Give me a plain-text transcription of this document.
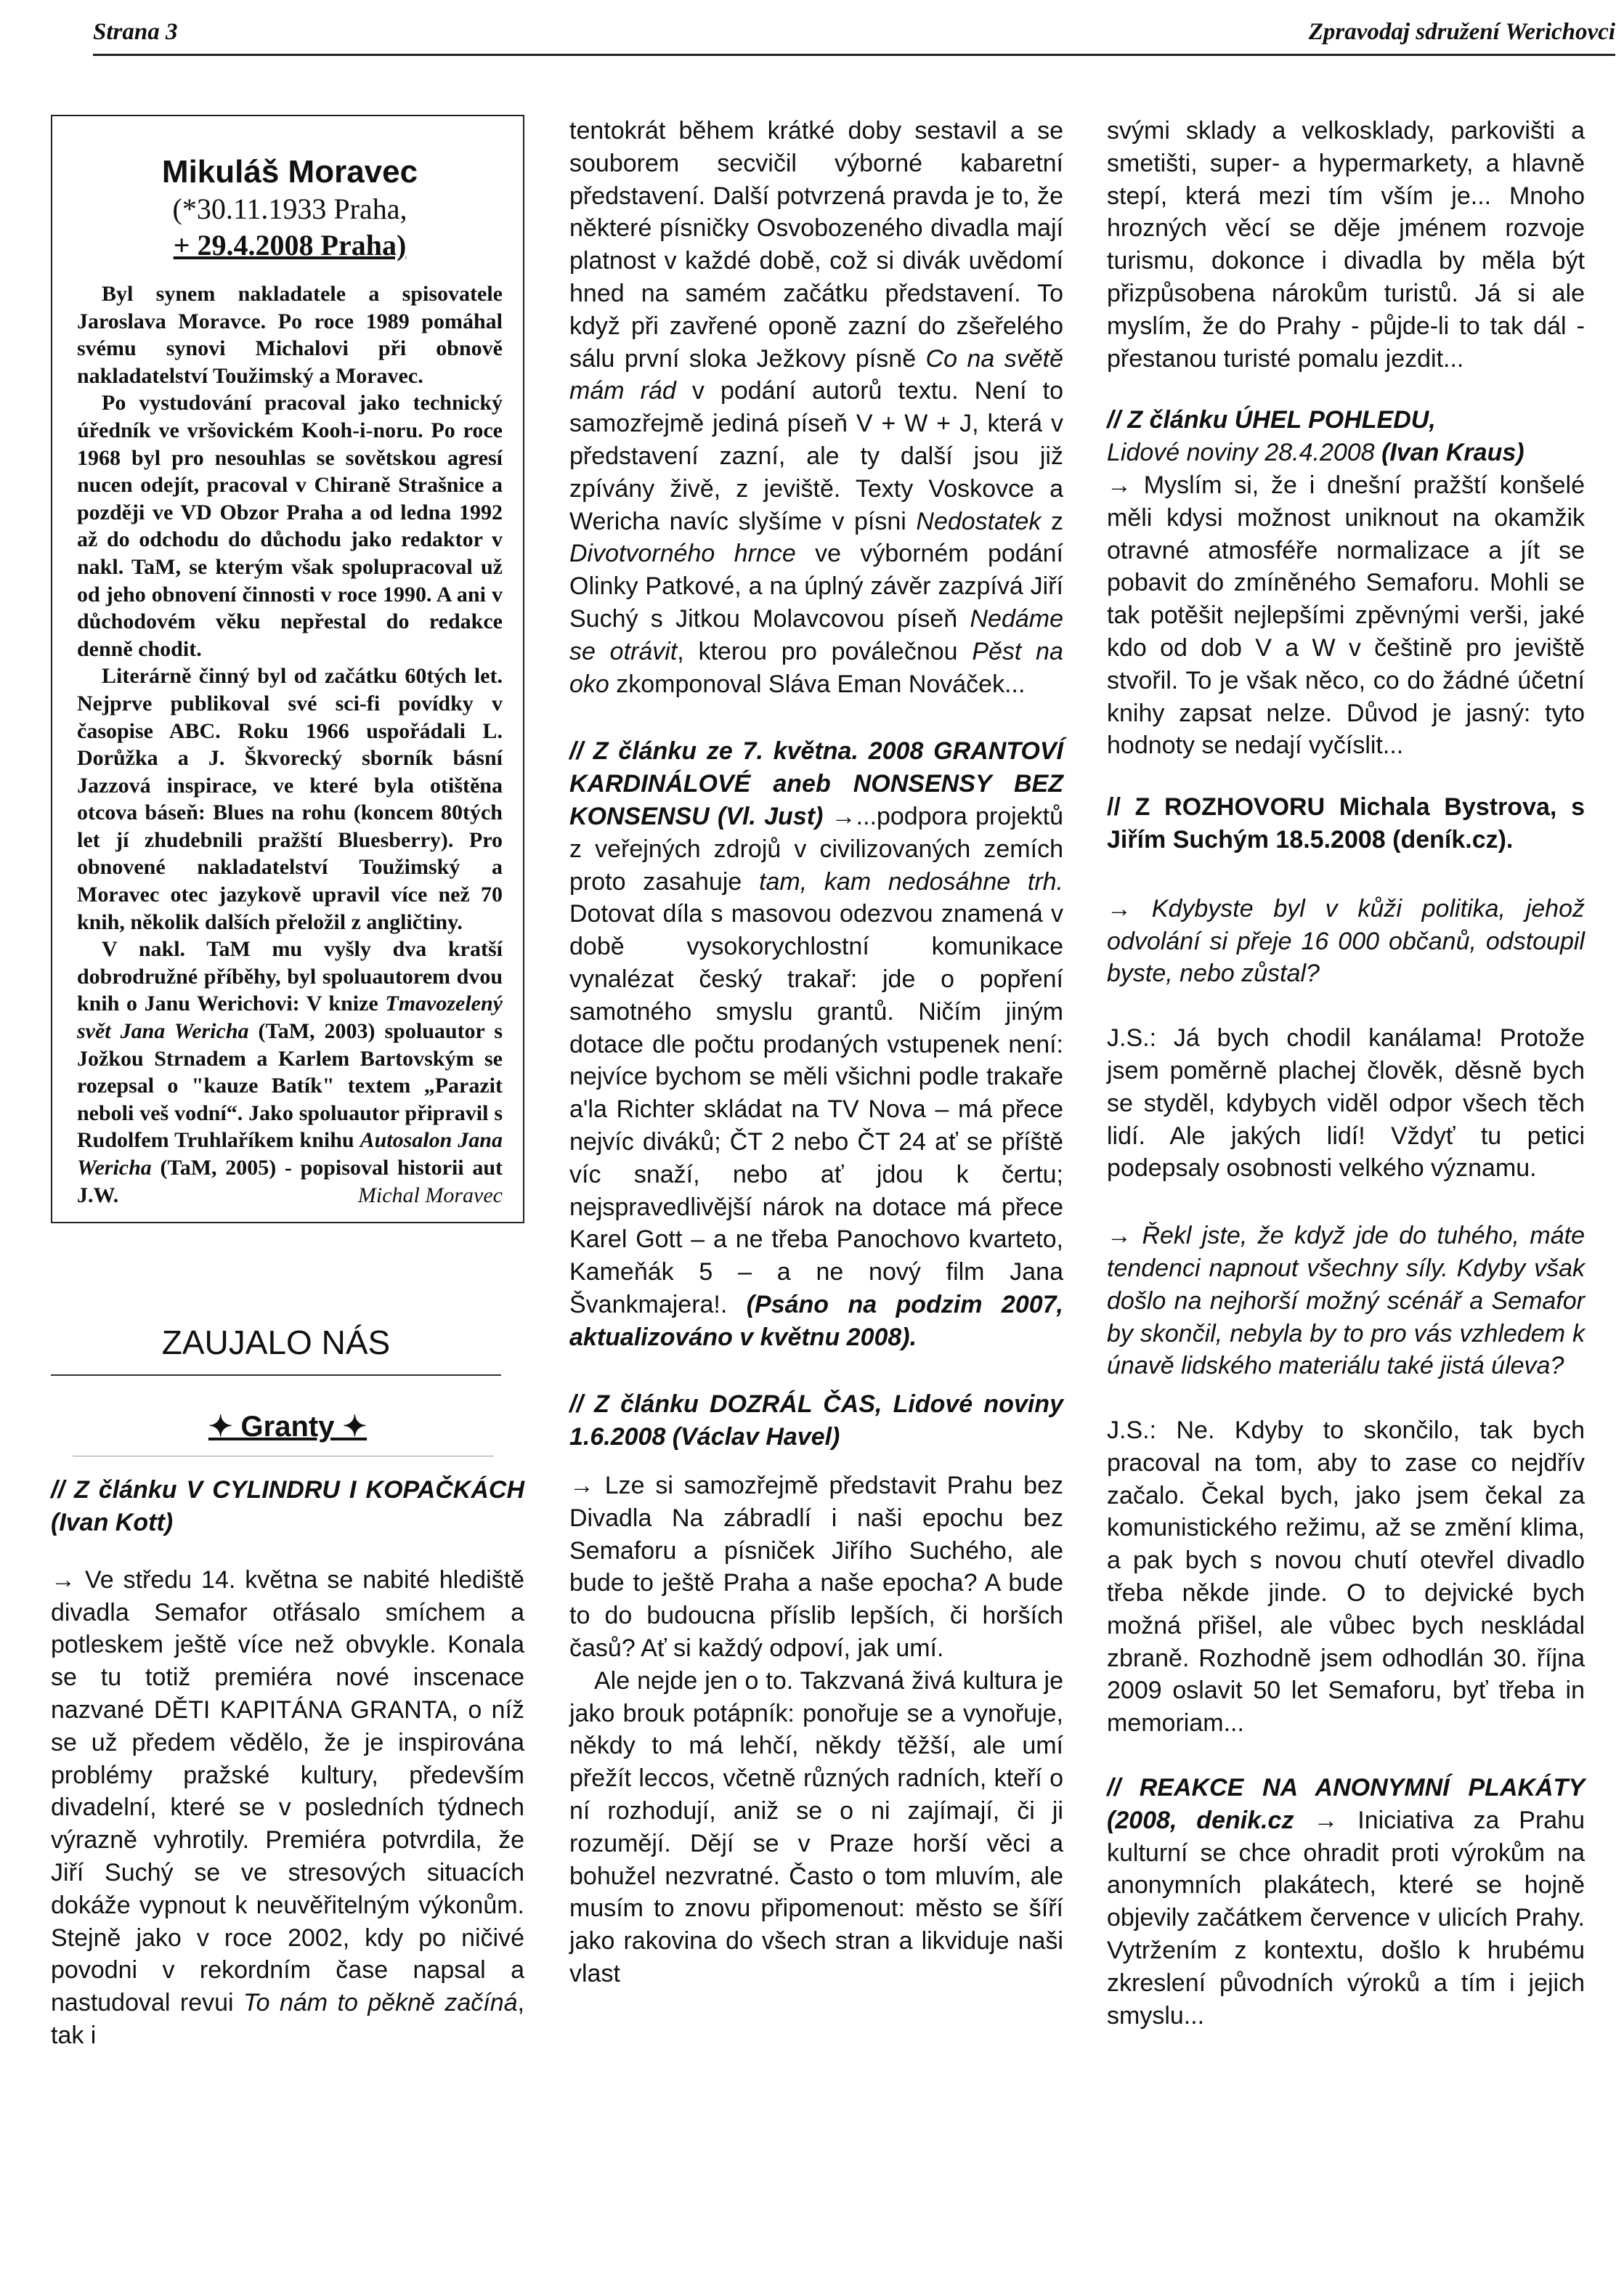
Strana 3	Zpravodaj sdružení Werichovci

Mikuláš Moravec

(*30.11.1933 Praha,

+ 29.4.2008 Praha)

Byl synem nakladatele a spisovatele Jaroslava Moravce. Po roce 1989 pomáhal svému synovi Michalovi při obnově nakladatelství Toužimský a Moravec.

Po vystudování pracoval jako technický úředník ve vršovickém Kooh-i-noru. Po roce 1968 byl pro nesouhlas se sovětskou agresí nucen odejít, pracoval v Chiraně Strašnice a později ve VD Obzor Praha a od ledna 1992 až do odchodu do důchodu jako redaktor v nakl. TaM, se kterým však spolupracoval už od jeho obnovení činnosti v roce 1990. A ani v důchodovém věku nepřestal do redakce denně chodit.

Literárně činný byl od začátku 60tých let. Nejprve publikoval své sci-fi povídky v časopise ABC. Roku 1966 uspořádali L. Dorůžka a J. Škvorecký sborník básní Jazzová inspirace, ve které byla otištěna otcova báseň: Blues na rohu (koncem 80tých let jí zhudebnili pražští Bluesberry). Pro obnovené nakladatelství Toužimský a Moravec otec jazykově upravil více než 70 knih, několik dalších přeložil z angličtiny.

V nakl. TaM mu vyšly dva kratší dobrodružné příběhy, byl spoluautorem dvou knih o Janu Werichovi: V knize Tmavozelený svět Jana Wericha (TaM, 2003) spoluautor s Jožkou Strnadem a Karlem Bartovským se rozepsal o "kauze Batík" textem „Parazit neboli veš vodní“. Jako spoluautor připravil s Rudolfem Truhlaříkem knihu Autosalon Jana Wericha (TaM, 2005) - popisoval historii aut J.W.	Michal Moravec

ZAUJALO NÁS
✦ Granty ✦

// Z článku V CYLINDRU I KOPAČKÁCH (Ivan Kott)

→ Ve středu 14. května se nabité hlediště divadla Semafor otřásalo smíchem a potleskem ještě více než obvykle. Konala se tu totiž premiéra nové inscenace nazvané DĚTI KAPITÁNA GRANTA, o níž se už předem vědělo, že je inspirována problémy pražské kultury, především divadelní, které se v posledních týdnech výrazně vyhrotily. Premiéra potvrdila, že Jiří Suchý se ve stresových situacích dokáže vypnout k neuvěřitelným výkonům. Stejně jako v roce 2002, kdy po ničivé povodni v rekordním čase napsal a nastudoval revui To nám to pěkně začíná, tak i

tentokrát během krátké doby sestavil a se souborem secvičil výborné kabaretní představení. Další potvrzená pravda je to, že některé písničky Osvobozeného divadla mají platnost v každé době, což si divák uvědomí hned na samém začátku představení. To když při zavřené oponě zazní do zšeřelého sálu první sloka Ježkovy písně Co na světě mám rád v podání autorů textu. Není to samozřejmě jediná píseň V + W + J, která v představení zazní, ale ty další jsou již zpívány živě, z jeviště. Texty Voskovce a Wericha navíc slyšíme v písni Nedostatek z Divotvorného hrnce ve výborném podání Olinky Patkové, a na úplný závěr zazpívá Jiří Suchý s Jitkou Molavcovou píseň Nedáme se otrávit, kterou pro poválečnou Pěst na oko zkomponoval Sláva Eman Nováček...

// Z článku ze 7. května. 2008 GRANTOVÍ KARDINÁLOVÉ aneb NONSENSY BEZ KONSENSU (Vl. Just) →...podpora projektů z veřejných zdrojů v civilizovaných zemích proto zasahuje tam, kam nedosáhne trh. Dotovat díla s masovou odezvou znamená v době vysokorychlostní komunikace vynalézat český trakař: jde o popření samotného smyslu grantů. Ničím jiným dotace dle počtu prodaných vstupenek není: nejvíce bychom se měli všichni podle trakaře a'la Richter skládat na TV Nova – má přece nejvíc diváků; ČT 2 nebo ČT 24 ať se příště víc snaží, nebo ať jdou k čertu; nejspravedlivější nárok na dotace má přece Karel Gott – a ne třeba Panochovo kvarteto, Kameňák 5 – a ne nový film Jana Švankmajera!. (Psáno na podzim 2007, aktualizováno v květnu 2008).

// Z článku DOZRÁL ČAS, Lidové noviny 1.6.2008 (Václav Havel)

→ Lze si samozřejmě představit Prahu bez Divadla Na zábradlí i naši epochu bez Semaforu a písniček Jiřího Suchého, ale bude to ještě Praha a naše epocha? A bude to do budoucna příslib lepších, či horších časů? Ať si každý odpoví, jak umí.

Ale nejde jen o to. Takzvaná živá kultura je jako brouk potápník: ponořuje se a vynořuje, někdy to má lehčí, někdy těžší, ale umí přežít leccos, včetně různých radních, kteří o ní rozhodují, aniž se o ni zajímají, či ji rozumějí. Dějí se v Praze horší věci a bohužel nezvratné. Často o tom mluvím, ale musím to znovu připomenout: město se šíří jako rakovina do všech stran a likviduje naši vlast

svými sklady a velkosklady, parkovišti a smetišti, super- a hypermarkety, a hlavně stepí, která mezi tím vším je... Mnoho hrozných věcí se děje jménem rozvoje turismu, dokonce i divadla by měla být přizpůsobena nárokům turistů. Já si ale myslím, že do Prahy - půjde-li to tak dál - přestanou turisté pomalu jezdit...

// Z článku ÚHEL POHLEDU,
Lidové noviny 28.4.2008 (Ivan Kraus)

→ Myslím si, že i dnešní pražští konšelé měli kdysi možnost uniknout na okamžik otravné atmosféře normalizace a jít se pobavit do zmíněného Semaforu. Mohli se tak potěšit nejlepšími zpěvnými verši, jaké kdo od dob V a W v češtině pro jeviště stvořil. To je však něco, co do žádné účetní knihy zapsat nelze. Důvod je jasný: tyto hodnoty se nedají vyčíslit...

// Z ROZHOVORU Michala Bystrova, s Jiřím Suchým 18.5.2008 (deník.cz).

→ Kdybyste byl v kůži politika, jehož odvolání si přeje 16 000 občanů, odstoupil byste, nebo zůstal?

J.S.: Já bych chodil kanálama! Protože jsem poměrně plachej člověk, děsně bych se styděl, kdybych viděl odpor všech těch lidí. Ale jakých lidí! Vždyť tu petici podepsaly osobnosti velkého významu.

→ Řekl jste, že když jde do tuhého, máte tendenci napnout všechny síly. Kdyby však došlo na nejhorší možný scénář a Semafor by skončil, nebyla by to pro vás vzhledem k únavě lidského materiálu také jistá úleva?

J.S.: Ne. Kdyby to skončilo, tak bych pracoval na tom, aby to zase co nejdřív začalo. Čekal bych, jako jsem čekal za komunistického režimu, až se změní klima, a pak bych s novou chutí otevřel divadlo třeba někde jinde. O to dejvické bych možná přišel, ale vůbec bych neskládal zbraně. Rozhodně jsem odhodlán 30. října 2009 oslavit 50 let Semaforu, byť třeba in memoriam...

// REAKCE NA ANONYMNÍ PLAKÁTY (2008, denik.cz → Iniciativa za Prahu kulturní se chce ohradit proti výrokům na anonymních plakátech, které se hojně objevily začátkem července v ulicích Prahy. Vytržením z kontextu, došlo k hrubému zkreslení původních výroků a tím i jejich smyslu...
